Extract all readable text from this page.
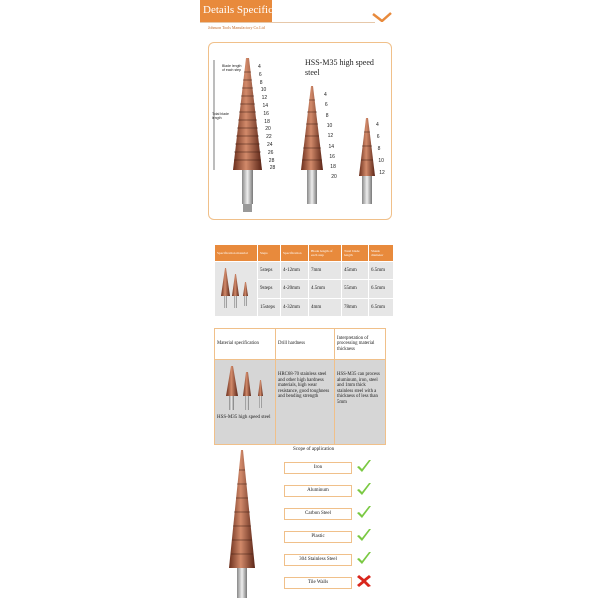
Details Specification
Johnson Tools Manufactory Co.Ltd
HSS-M35 high speed steel
Blade length of each step
Total blade length
4
6
8
10
12
14
16
18
20
22
24
26
28
28
4
6
8
10
12
14
16
18
20
4
6
8
10
12
Specification material	Steps	Specification	Blade length of each step	Total blade length	Shank diameter
	5steps	4-12mm	7mm	45mm	6.5mm
	9steps	4-20mm	4.5mm	55mm	6.5mm
	15steps	4-32mm	4mm	78mm	6.5mm
Material specification	Drill hardness	Interpretation of processing material thickness

HSS-M35 high speed steel	HRC68-70 stainless steel and other high hardness materials, high wear resistance, good toughness and bending strength	HSS-M35 can process aluminum, iron, steel and 1mm thick stainless steel with a thickness of less than 5mm
Scope of application
Iron
Aluminum
Carbon Steel
Plastic
304 Stainless Steel
Tile Walls
